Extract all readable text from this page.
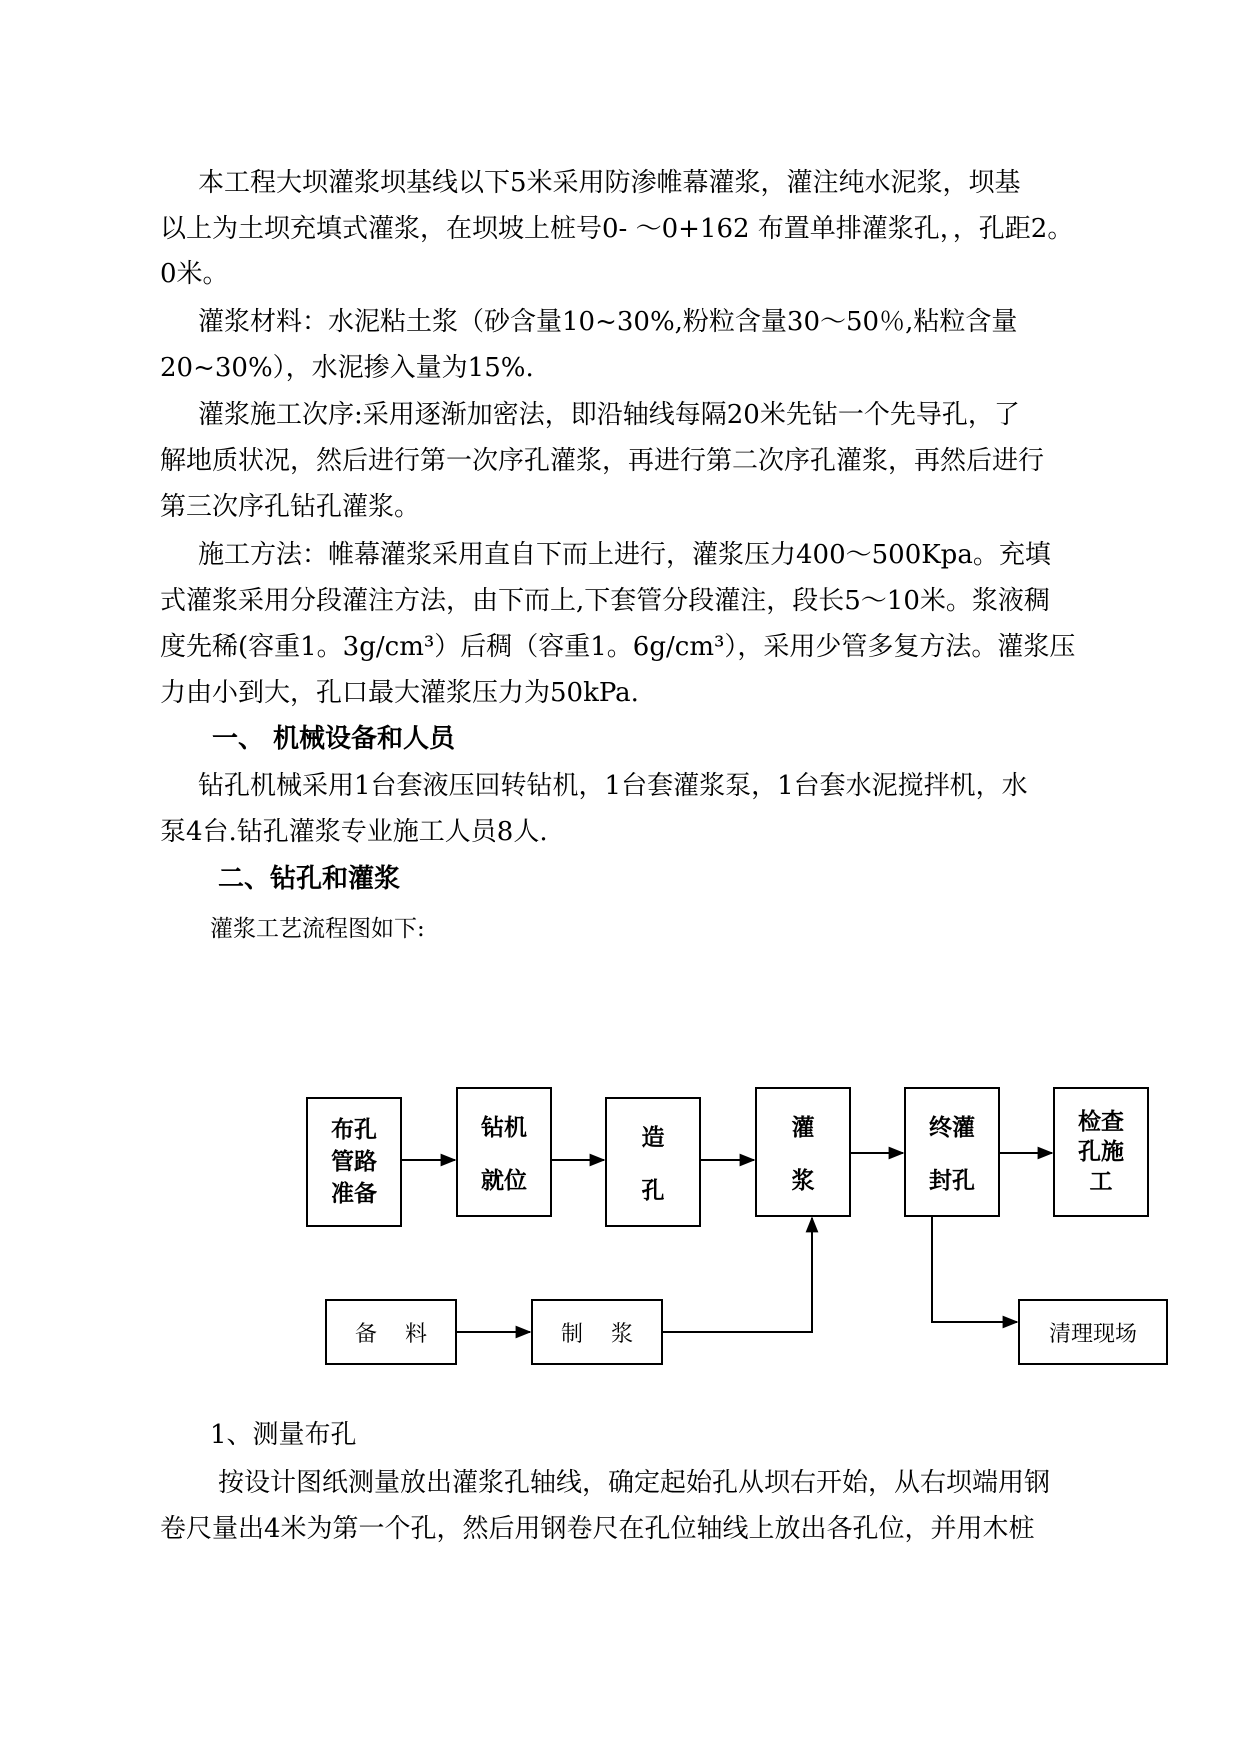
本工程大坝灌浆坝基线以下5米采用防渗帷幕灌浆，灌注纯水泥浆，坝基
以上为土坝充填式灌浆，在坝坡上桩号0- ～0+162 布置单排灌浆孔，，孔距2。
0米。
灌浆材料：水泥粘土浆（砂含量10~30%,粉粒含量30～50％,粘粒含量
20~30%），水泥掺入量为15%.
灌浆施工次序:采用逐渐加密法，即沿轴线每隔20米先钻一个先导孔，了
解地质状况，然后进行第一次序孔灌浆，再进行第二次序孔灌浆，再然后进行
第三次序孔钻孔灌浆。
施工方法：帷幕灌浆采用直自下而上进行，灌浆压力400～500Kpa。充填
式灌浆采用分段灌注方法，由下而上,下套管分段灌注，段长5～10米。浆液稠
度先稀(容重1。3g/cm³）后稠（容重1。6g/cm³），采用少管多复方法。灌浆压
力由小到大，孔口最大灌浆压力为50kPa.
一、 机械设备和人员
钻孔机械采用1台套液压回转钻机，1台套灌浆泵，1台套水泥搅拌机，水
泵4台.钻孔灌浆专业施工人员8人.
二、钻孔和灌浆
灌浆工艺流程图如下:
布孔
管路
准备
钻机
就位
造
孔
灌
浆
终灌
封孔
检查
孔施
工
备    料	制    浆	清理现场
1、测量布孔
按设计图纸测量放出灌浆孔轴线，确定起始孔从坝右开始，从右坝端用钢
卷尺量出4米为第一个孔，然后用钢卷尺在孔位轴线上放出各孔位，并用木桩
